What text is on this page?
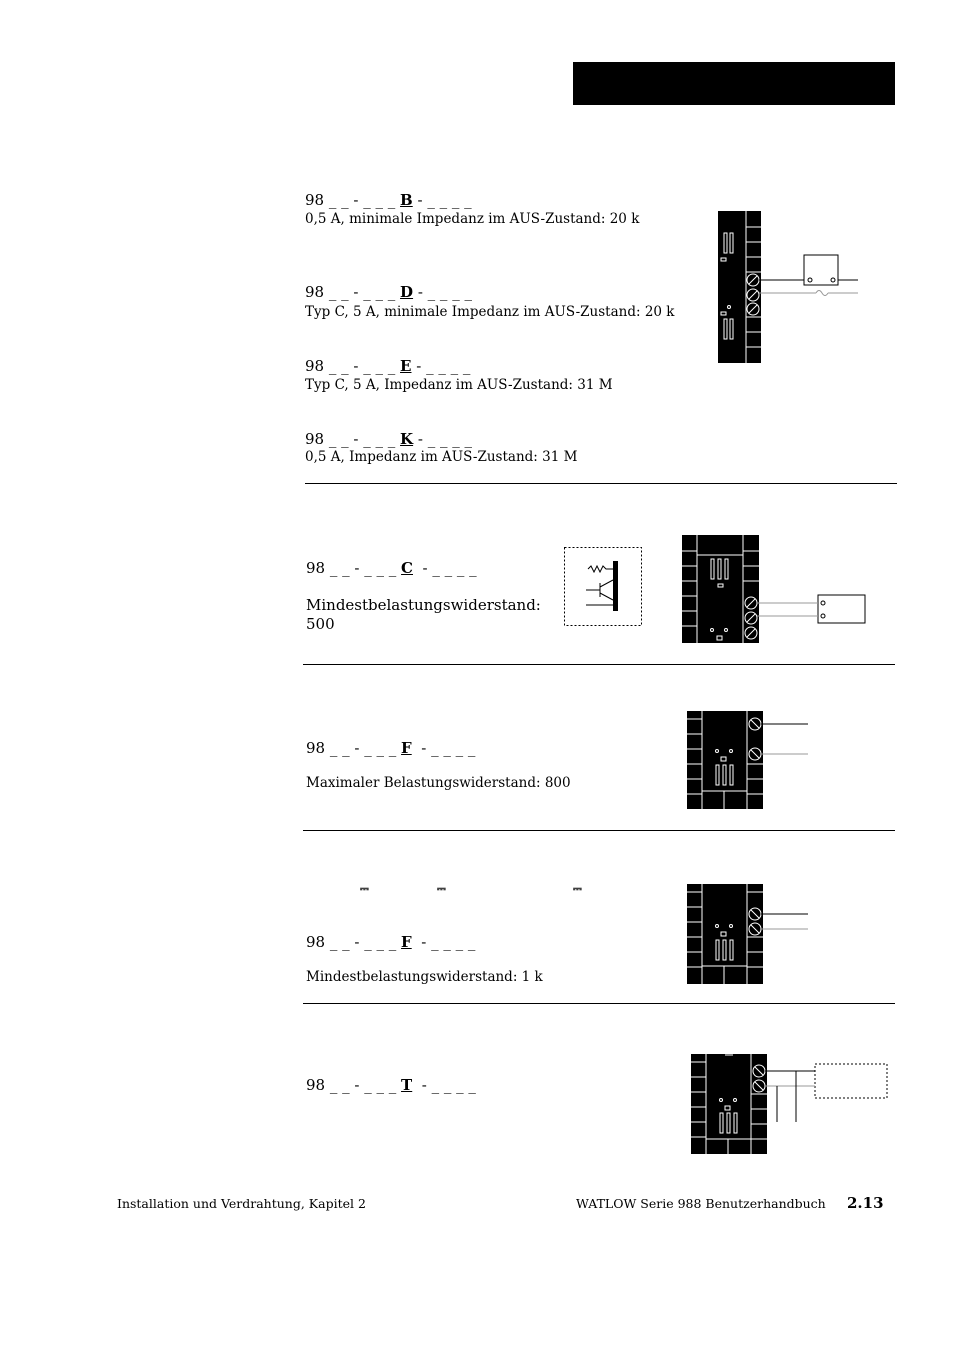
98 _ _ - _ _ _ B - _ _ _ _
0,5 A, minimale Impedanz im AUS-Zustand: 20 k
98 _ _ - _ _ _ D - _ _ _ _
Typ C, 5 A, minimale Impedanz im AUS-Zustand: 20 k
98 _ _ - _ _ _ E - _ _ _ _
Typ C, 5 A, Impedanz im AUS-Zustand: 31 M
98 _ _ - _ _ _ K - _ _ _ _
0,5 A, Impedanz im AUS-Zustand: 31 M
98 _ _ - _ _ _ C  - _ _ _ _
Mindestbelastungswiderstand:
500
98 _ _ - _ _ _ F  - _ _ _ _
Maximaler Belastungswiderstand: 800
⎓	⎓	⎓
98 _ _ - _ _ _ F  - _ _ _ _
Mindestbelastungswiderstand: 1 k
98 _ _ - _ _ _ T  - _ _ _ _
Installation und Verdrahtung, Kapitel 2	WATLOW Serie 988 Benutzerhandbuch 2.13
